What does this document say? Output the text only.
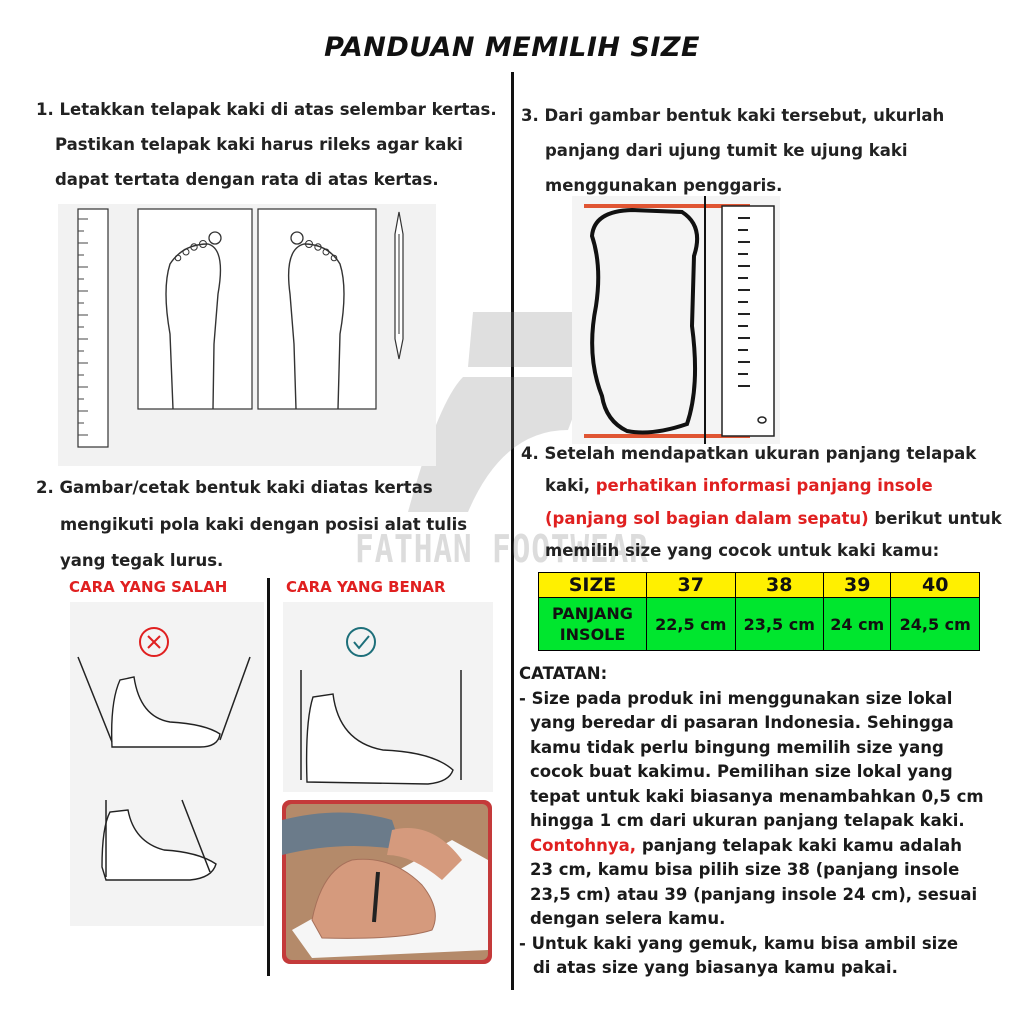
PANDUAN MEMILIH SIZE
FATHAN FOOTWEAR
1. Letakkan telapak kaki di atas selembar kertas.
Pastikan telapak kaki harus rileks agar kaki
dapat tertata dengan rata di atas kertas.
2. Gambar/cetak bentuk kaki diatas kertas
mengikuti pola kaki dengan posisi alat tulis
yang tegak lurus.
CARA YANG SALAH	CARA YANG BENAR
3. Dari gambar bentuk kaki tersebut, ukurlah
panjang dari ujung tumit ke ujung kaki
menggunakan penggaris.
4. Setelah mendapatkan ukuran panjang telapak
kaki, perhatikan informasi panjang insole
(panjang sol bagian dalam sepatu) berikut untuk
memilih size yang cocok untuk kaki kamu:
SIZE	37	38	39	40
PANJANG
INSOLE	22,5 cm	23,5 cm	24 cm	24,5 cm
CATATAN:
- Size pada produk ini menggunakan size lokal
yang beredar di pasaran Indonesia. Sehingga
kamu tidak perlu bingung memilih size yang
cocok buat kakimu. Pemilihan size lokal yang
tepat untuk kaki biasanya menambahkan 0,5 cm
hingga 1 cm dari ukuran panjang telapak kaki.
Contohnya, panjang telapak kaki kamu adalah
23 cm, kamu bisa pilih size 38 (panjang insole
23,5 cm) atau 39 (panjang insole 24 cm), sesuai
dengan selera kamu.
- Untuk kaki yang gemuk, kamu bisa ambil size
di atas size yang biasanya kamu pakai.
